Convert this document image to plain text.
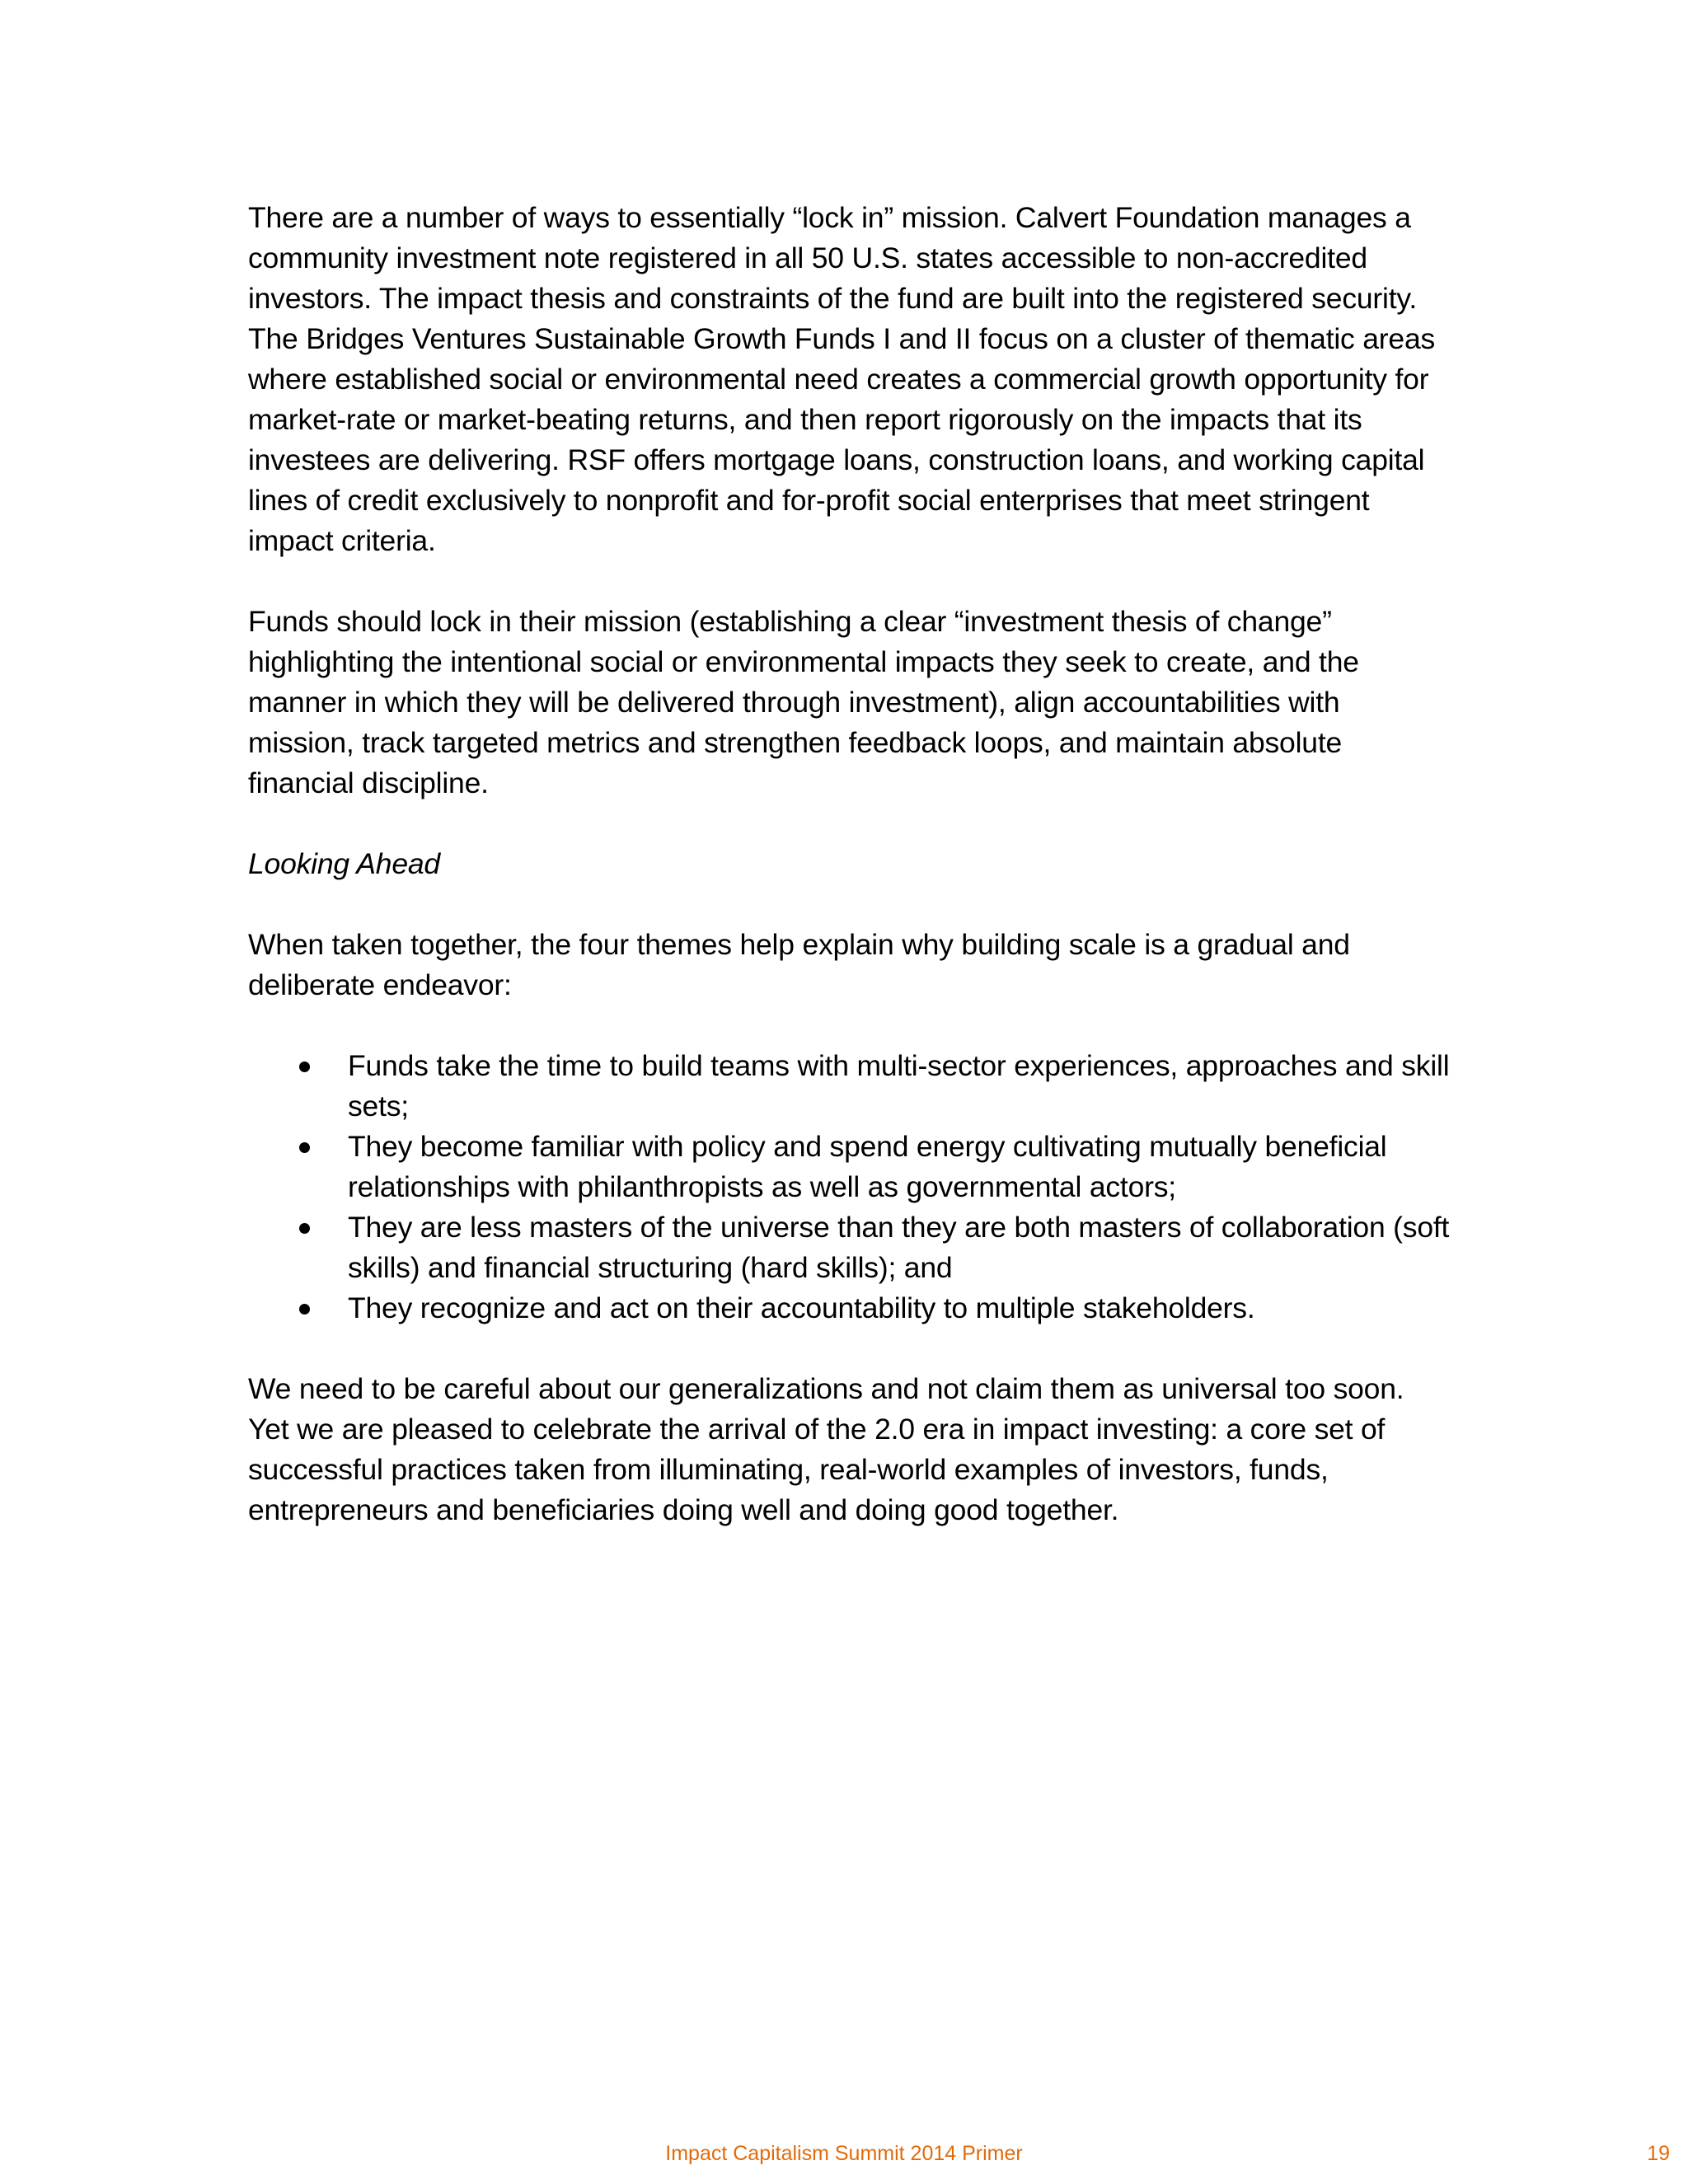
There are a number of ways to essentially “lock in” mission. Calvert Foundation manages a community investment note registered in all 50 U.S. states accessible to non-accredited investors. The impact thesis and constraints of the fund are built into the registered security. The Bridges Ventures Sustainable Growth Funds I and II focus on a cluster of thematic areas where established social or environmental need creates a commercial growth opportunity for market-rate or market-beating returns, and then report rigorously on the impacts that its investees are delivering. RSF offers mortgage loans, construction loans, and working capital lines of credit exclusively to nonprofit and for-profit social enterprises that meet stringent impact criteria.

Funds should lock in their mission (establishing a clear “investment thesis of change” highlighting the intentional social or environmental impacts they seek to create, and the manner in which they will be delivered through investment), align accountabilities with mission, track targeted metrics and strengthen feedback loops, and maintain absolute financial discipline.

Looking Ahead

When taken together, the four themes help explain why building scale is a gradual and deliberate endeavor:

Funds take the time to build teams with multi-sector experiences, approaches and skill sets;
They become familiar with policy and spend energy cultivating mutually beneficial relationships with philanthropists as well as governmental actors;
They are less masters of the universe than they are both masters of collaboration (soft skills) and financial structuring (hard skills); and
They recognize and act on their accountability to multiple stakeholders.

We need to be careful about our generalizations and not claim them as universal too soon. Yet we are pleased to celebrate the arrival of the 2.0 era in impact investing: a core set of successful practices taken from illuminating, real-world examples of investors, funds, entrepreneurs and beneficiaries doing well and doing good together.

Impact Capitalism Summit 2014 Primer	19
